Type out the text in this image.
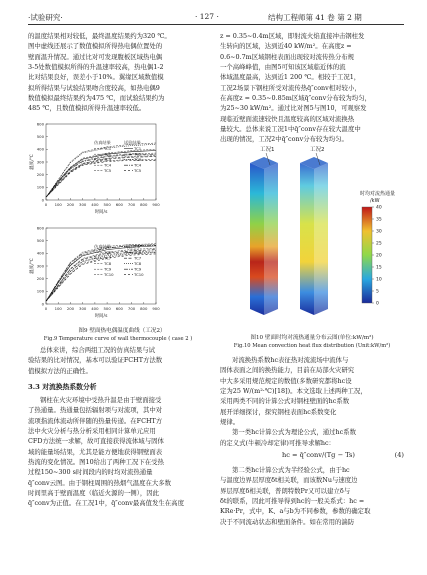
·试验研究·	· 127 ·	结构工程师第 41 卷 第 2 期

的温度结果相对较低，最终温度结果约为320 ℃。

图中虚线还展示了数值模拟所得热电偶位置处的

壁面温升情况。通过比对可发现腹板区域热电偶

3-5处数值模拟所得的升温速率较高，热电偶1-2

比对结果良好，误差小于10%。翼缘区域数值模

拟所得结果与试验结果吻合度较高，如热电偶9

数值模拟最终结果约为475 ℃，而试验结果约为

485 ℃，且数值模拟所得升温速率较低。

0 100 200 300 400 500 600 700 800 900
0
100
200
300
400
500
600
时间/s
温度/℃
仿真结果	试验结果
TC1	TC1
TC2	TC2
TC3	TC3
TC4	TC4
TC5	TC5
0 100 200 300 400 500 600 700 800 900
0
100
200
300
400
500
600
时间/s
温度/℃
仿真结果	试验结果
TC6	TC6
TC7	TC7
TC8	TC8
TC9	TC9
TC10	TC10
图9 壁面热电偶温度曲线（工况2）
Fig.9 Temperature curve of wall thermocouple ( case 2 )

总体来讲，综合两组工况的仿真结果与试

验结果的比对情况，基本可以验证FCHT方法数

值模拟方法的正确性。

3.3 对流换热系数分析

钢柱在火灾环境中受热升温是由于壁面接受

了热通量。热通量包括辐射项与对流项，其中对

流项指流体流动所伴随的热量传递。在FCHT方

法中火灾分析与热分析采用相同计算单元应用

CFD方法统一求解，故可直接获得流体域与固体

域的能量场结果，尤其是能方便地获得钢壁面表

热流的变化情况。图10给出了两种工况下在受热

过程150~300 s时间段内的时均对流热通量

q̄″conv云图。由于钢柱周围的热烟气温度在大多数

时间里高于壁面温度（临近火源的一侧），因此

q̄″conv为正值。在工况1中，q̄″conv最高值发生在高度

z = 0.35~0.4m区域，即射流火焰直接冲击钢柱发

生转向的区域，达到近40 kW/m²。在高度z =

0.6~0.7m区域钢柱表面出现较对流传热分布规

一个高峰峰值，由图5可知该区域临近体的流

体域温度最高，达到近1 200 ℃。相较于工况1，

工况2场景下钢柱所受对流传热q̄″conv相对较小，

在高度z = 0.35~0.85m区域q̄″conv分布较为均匀，

为25~30 kW/m²。通过比对图5与图10，可观察发

现临近壁面流速较快且温度较高的区域对流换热

量较大。总体来说工况1中q̄″conv存在较大温度中

出现的情况，工况2中q̄″conv分布较为均匀。

工况1	工况2
时均对流热通量
/kW
40
35
30
25
20
15
10
5
0
图10 壁面时均对流热通量分布云图(单位:kW/m²)
Fig.10 Mean convection heat flux distribution (Unit:kW/m²)

对流换热系数hc表征热对流流场中流体与

固体表面之间的换热能力，目前在局部火灾研究

中大多采用规范规定的数值(多数研究都将hc设

定为25 W/(m²·℃)[18])。本文选取上述两种工况，

采用两类不同的计算公式对钢柱壁面的hc系数

展开详细探讨，探究钢柱表面hc系数变化

规律。

第一类hc计算公式为理论公式，通过hc系数

的定义式(牛顿冷却定律)可推导求解hc：

hc = q̄″conv/(Tg − Ts)	(4)

第二类hc计算公式为半经验公式，由于hc

与温度边界层厚度δt相关联，而该数Nu与速度边

界层厚度δ相关联，普朗特数Pr又可以建立δ与

δt的联系，因此可推导得到hc的一般关系式：hc =

KRe·Pr，式中，K、a与b为不同参数，参数的确定取

决于不同流动状态和壁面条件。如在常用的湍防
